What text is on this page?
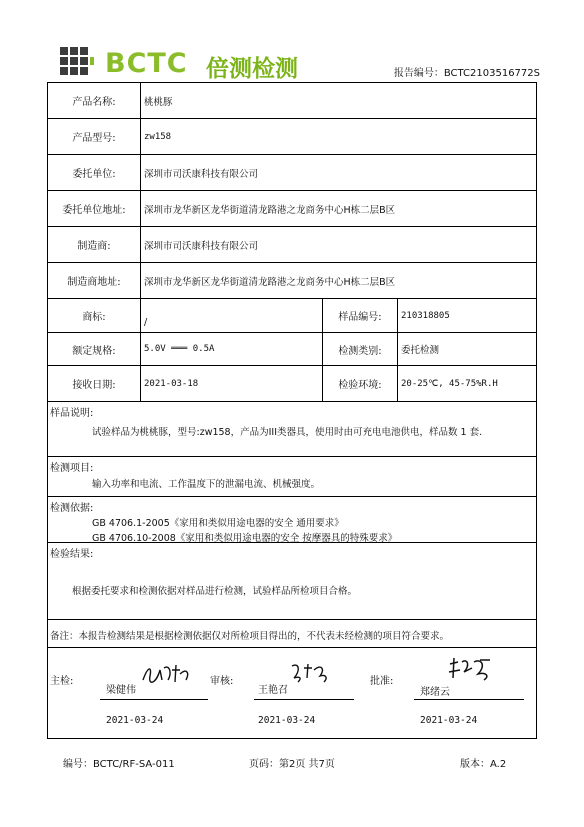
BCTC 倍测检测	报告编号：BCTC2103516772S
产品名称:	桃桃豚
产品型号:	zw158
委托单位:	深圳市司沃康科技有限公司
委托单位地址:	深圳市龙华新区龙华街道清龙路港之龙商务中心H栋二层B区
制造商:	深圳市司沃康科技有限公司
制造商地址:	深圳市龙华新区龙华街道清龙路港之龙商务中心H栋二层B区
商标:	/	样品编号:	210318805
额定规格:	5.0V ═══ 0.5A	检测类别:	委托检测
接收日期:	2021-03-18	检验环境:	20-25℃, 45-75%R.H
样品说明:
试验样品为桃桃豚，型号:zw158，产品为III类器具，使用时由可充电电池供电，样品数 1 套.
检测项目:
输入功率和电流、工作温度下的泄漏电流、机械强度。
检测依据:
GB 4706.1-2005《家用和类似用途电器的安全 通用要求》
GB 4706.10-2008《家用和类似用途电器的安全 按摩器具的特殊要求》
检验结果:
根据委托要求和检测依据对样品进行检测，试验样品所检项目合格。
备注：本报告检测结果是根据检测依据仅对所检项目得出的，不代表未经检测的项目符合要求。
主检:
梁健伟
2021-03-24
审核:
王艳召
2021-03-24
批准:
郑绪云
2021-03-24
编号：BCTC/RF-SA-011	页码：第2页 共7页	版本：A.2
